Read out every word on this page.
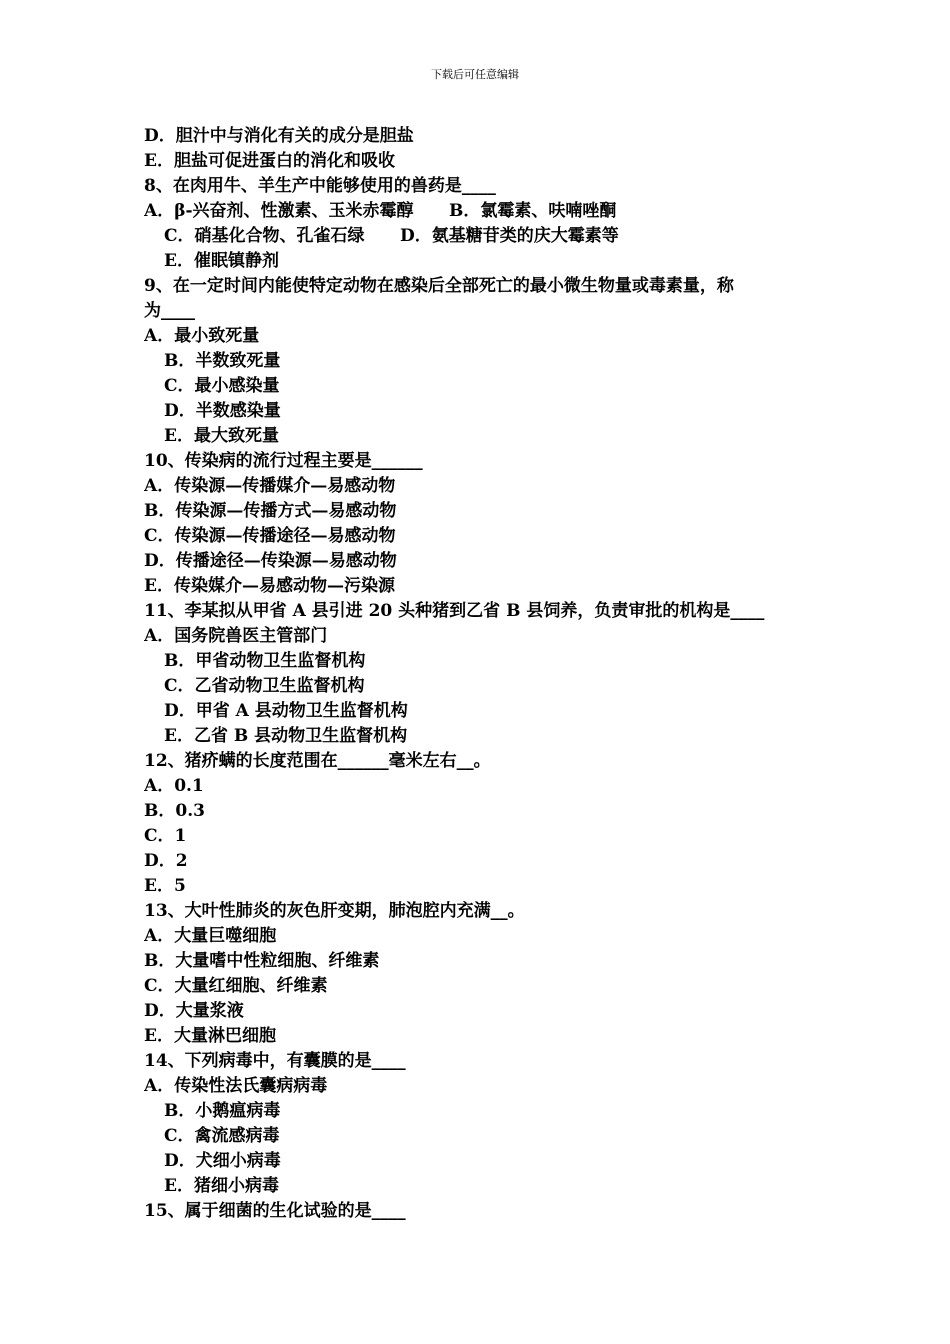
下载后可任意编辑
D．胆汁中与消化有关的成分是胆盐
E．胆盐可促进蛋白的消化和吸收
8、在肉用牛、羊生产中能够使用的兽药是____
A．β-兴奋剂、性激素、玉米赤霉醇      B．氯霉素、呋喃唑酮
C．硝基化合物、孔雀石绿      D．氨基糖苷类的庆大霉素等
E．催眠镇静剂
9、在一定时间内能使特定动物在感染后全部死亡的最小微生物量或毒素量，称
为____
A．最小致死量
B．半数致死量
C．最小感染量
D．半数感染量
E．最大致死量
10、传染病的流行过程主要是______
A．传染源—传播媒介—易感动物
B．传染源—传播方式—易感动物
C．传染源—传播途径—易感动物
D．传播途径—传染源—易感动物
E．传染媒介—易感动物—污染源
11、李某拟从甲省 A 县引进 20 头种猪到乙省 B 县饲养，负责审批的机构是____
A．国务院兽医主管部门
B．甲省动物卫生监督机构
C．乙省动物卫生监督机构
D．甲省 A 县动物卫生监督机构
E．乙省 B 县动物卫生监督机构
12、猪疥螨的长度范围在______毫米左右__。
A．0.1
B．0.3
C．1
D．2
E．5
13、大叶性肺炎的灰色肝变期，肺泡腔内充满__。
A．大量巨噬细胞
B．大量嗜中性粒细胞、纤维素
C．大量红细胞、纤维素
D．大量浆液
E．大量淋巴细胞
14、下列病毒中，有囊膜的是____
A．传染性法氏囊病病毒
B．小鹅瘟病毒
C．禽流感病毒
D．犬细小病毒
E．猪细小病毒
15、属于细菌的生化试验的是____
